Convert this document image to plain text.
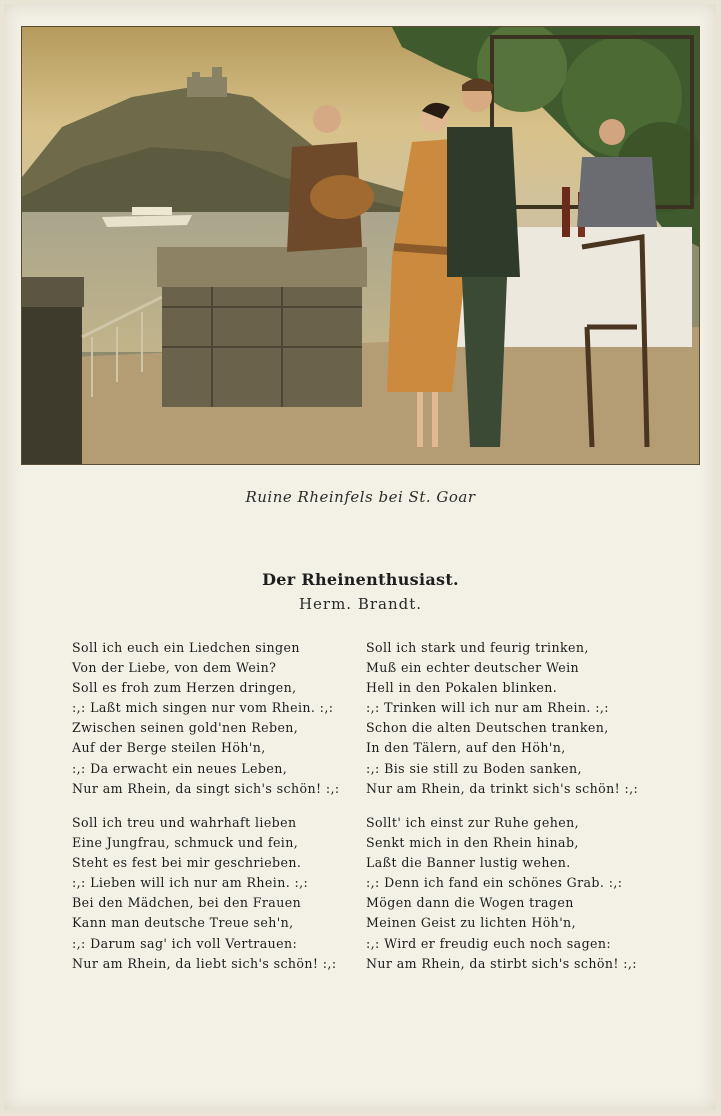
Ruine Rheinfels bei St. Goar
Der Rheinenthusiast.
Herm. Brandt.
Soll ich euch ein Liedchen singen
Von der Liebe, von dem Wein?
Soll es froh zum Herzen dringen,
:,: Laßt mich singen nur vom Rhein. :,:
Zwischen seinen gold'nen Reben,
Auf der Berge steilen Höh'n,
:,: Da erwacht ein neues Leben,
Nur am Rhein, da singt sich's schön! :,:
Soll ich stark und feurig trinken,
Muß ein echter deutscher Wein
Hell in den Pokalen blinken.
:,: Trinken will ich nur am Rhein. :,:
Schon die alten Deutschen tranken,
In den Tälern, auf den Höh'n,
:,: Bis sie still zu Boden sanken,
Nur am Rhein, da trinkt sich's schön! :,:
Soll ich treu und wahrhaft lieben
Eine Jungfrau, schmuck und fein,
Steht es fest bei mir geschrieben.
:,: Lieben will ich nur am Rhein. :,:
Bei den Mädchen, bei den Frauen
Kann man deutsche Treue seh'n,
:,: Darum sag' ich voll Vertrauen:
Nur am Rhein, da liebt sich's schön! :,:
Sollt' ich einst zur Ruhe gehen,
Senkt mich in den Rhein hinab,
Laßt die Banner lustig wehen.
:,: Denn ich fand ein schönes Grab. :,:
Mögen dann die Wogen tragen
Meinen Geist zu lichten Höh'n,
:,: Wird er freudig euch noch sagen:
Nur am Rhein, da stirbt sich's schön! :,:
